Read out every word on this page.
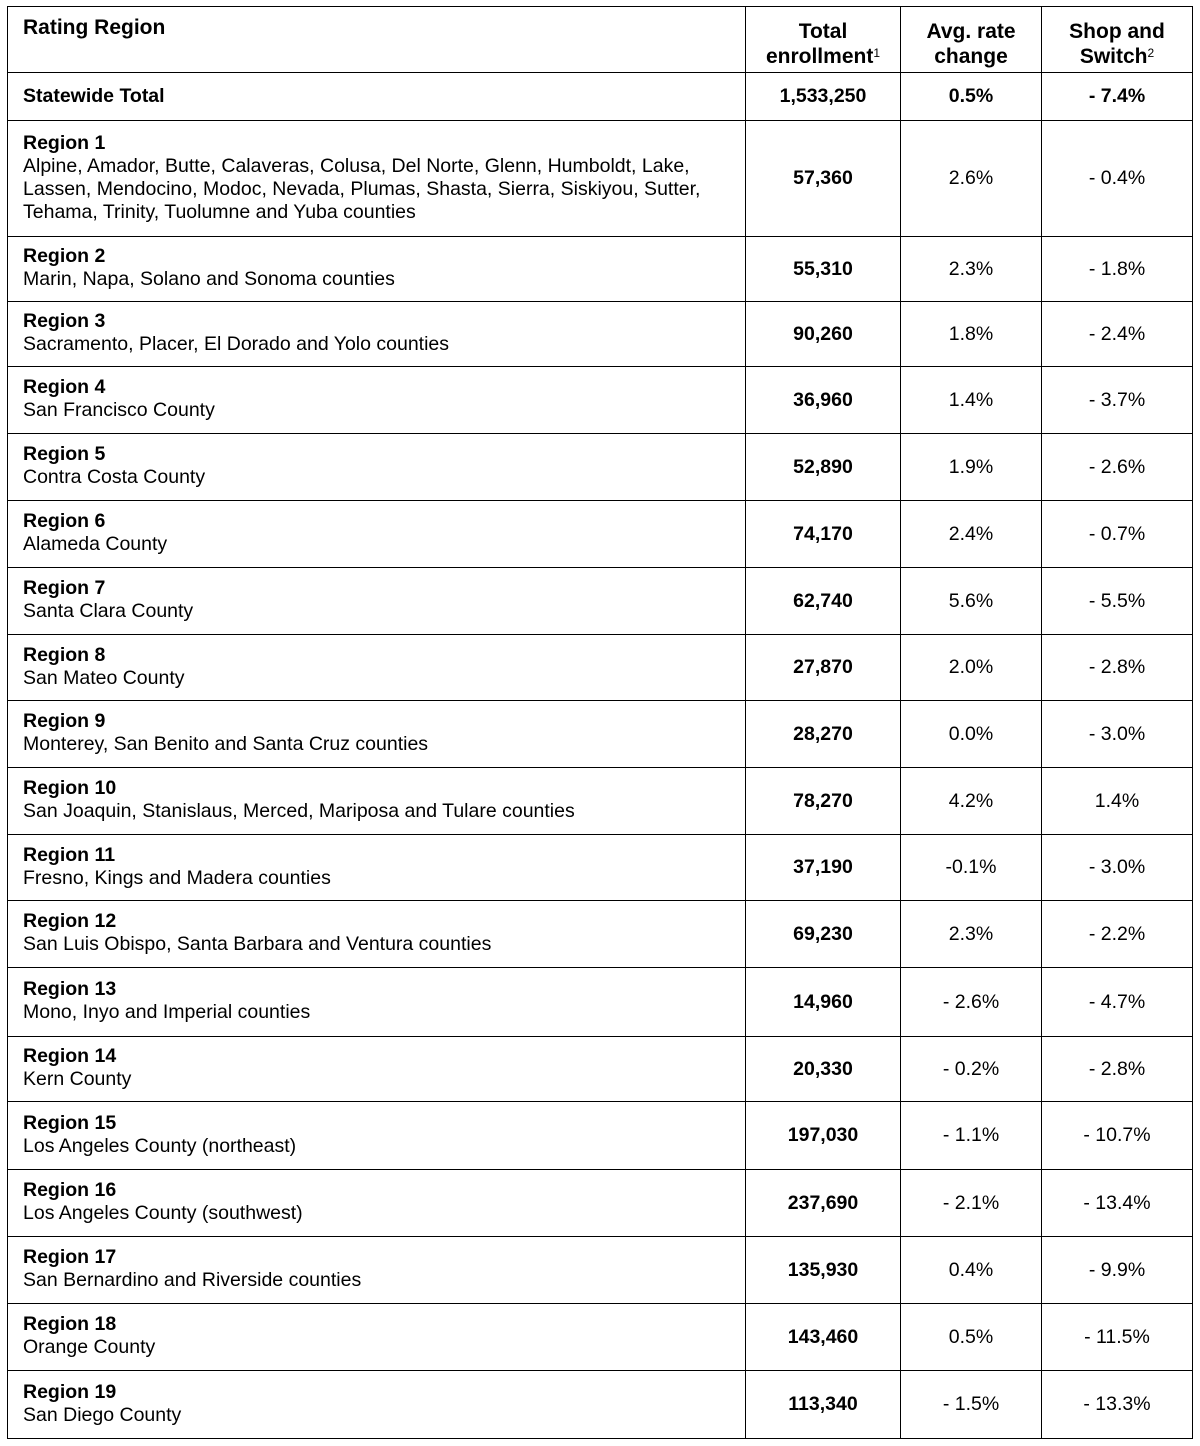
Rating Region	Total enrollment$^1$	Avg. rate change	Shop and Switch$^2$
Statewide Total	1,533,250	0.5%	- 7.4%

Region 1
Alpine, Amador, Butte, Calaveras, Colusa, Del Norte, Glenn, Humboldt, Lake, Lassen, Mendocino, Modoc, Nevada, Plumas, Shasta, Sierra, Siskiyou, Sutter, Tehama, Trinity, Tuolumne and Yuba counties	57,360	2.6%	- 0.4%

Region 2
Marin, Napa, Solano and Sonoma counties	55,310	2.3%	- 1.8%

Region 3
Sacramento, Placer, El Dorado and Yolo counties	90,260	1.8%	- 2.4%

Region 4
San Francisco County	36,960	1.4%	- 3.7%

Region 5
Contra Costa County	52,890	1.9%	- 2.6%

Region 6
Alameda County	74,170	2.4%	- 0.7%

Region 7
Santa Clara County	62,740	5.6%	- 5.5%

Region 8
San Mateo County	27,870	2.0%	- 2.8%

Region 9
Monterey, San Benito and Santa Cruz counties	28,270	0.0%	- 3.0%

Region 10
San Joaquin, Stanislaus, Merced, Mariposa and Tulare counties	78,270	4.2%	1.4%

Region 11
Fresno, Kings and Madera counties	37,190	-0.1%	- 3.0%

Region 12
San Luis Obispo, Santa Barbara and Ventura counties	69,230	2.3%	- 2.2%

Region 13
Mono, Inyo and Imperial counties	14,960	- 2.6%	- 4.7%

Region 14
Kern County	20,330	- 0.2%	- 2.8%

Region 15
Los Angeles County (northeast)	197,030	- 1.1%	- 10.7%

Region 16
Los Angeles County (southwest)	237,690	- 2.1%	- 13.4%

Region 17
San Bernardino and Riverside counties	135,930	0.4%	- 9.9%

Region 18
Orange County	143,460	0.5%	- 11.5%

Region 19
San Diego County	113,340	- 1.5%	- 13.3%
